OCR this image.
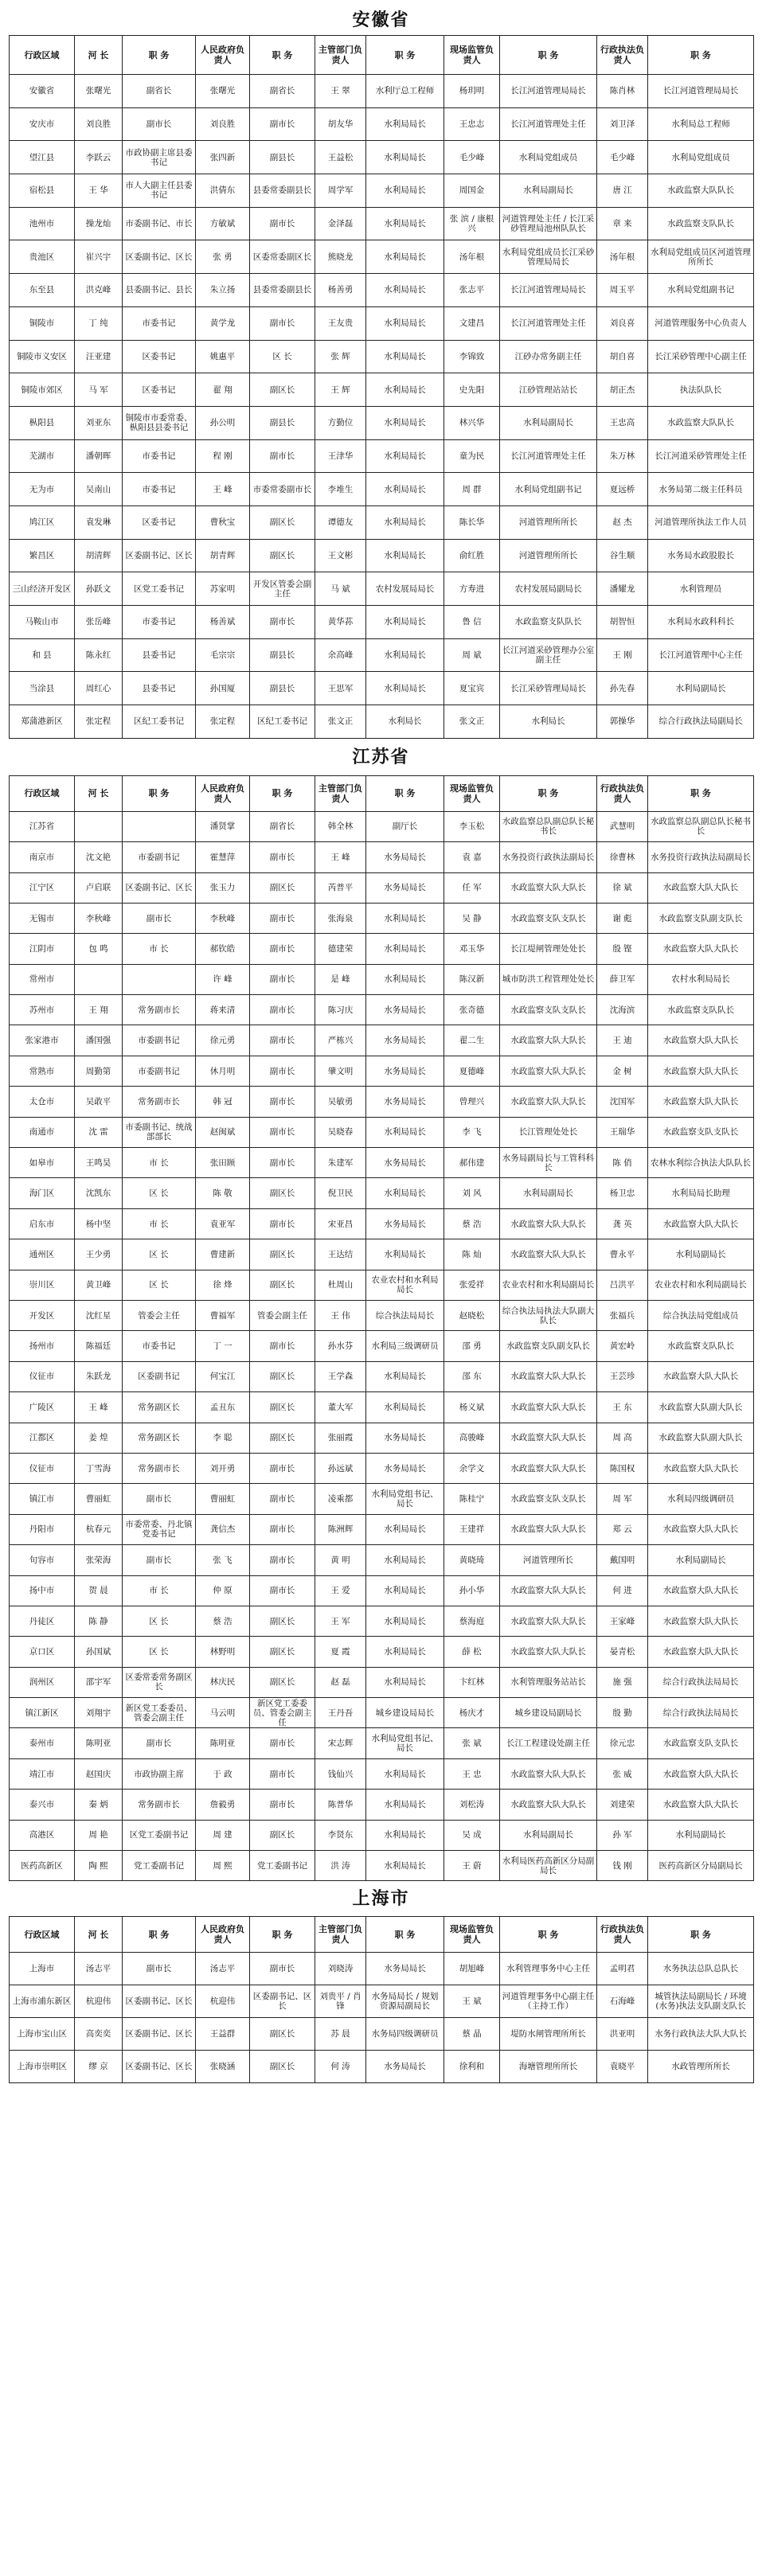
安徽省
行政区域	河 长	职 务	人民政府负责人	职 务	主管部门负责人	职 务	现场监管负责人	职 务	行政执法负责人	职 务
安徽省	张曙光	副省长	张曙光	副省长	王 翠	水利厅总工程师	杨玥明	长江河道管理局局长	陈肖林	长江河道管理局局长
安庆市	刘良胜	副市长	刘良胜	副市长	胡友华	水利局局长	王忠志	长江河道管理处主任	刘卫泽	水利局总工程师
望江县	李跃云	市政协副主席县委书记	张四新	副县长	王益松	水利局局长	毛少峰	水利局党组成员	毛少峰	水利局党组成员
宿松县	王 华	市人大副主任县委书记	洪倩东	县委常委副县长	周学军	水利局局长	周国金	水利局副局长	唐 江	水政监察大队队长
池州市	操龙灿	市委副书记、市长	方敏斌	副市长	金泽磊	水利局局长	张 滨 / 康根兴	河道管理处主任 / 长江采砂管理局池州队队长	章 来	水政监察支队队长
贵池区	崔兴宇	区委副书记、区长	张 勇	区委常委副区长	熊晓龙	水利局局长	汤年根	水利局党组成员长江采砂管理局局长	汤年根	水利局党组成员区河道管理所所长
东至县	洪克峰	县委副书记、县长	朱立扬	县委常委副县长	杨善勇	水利局局长	张志平	长江河道管理局局长	周玉平	水利局党组副书记
铜陵市	丁 纯	市委书记	黄学龙	副市长	王友贵	水利局局长	文建昌	长江河道管理处主任	刘良喜	河道管理服务中心负责人
铜陵市义安区	汪亚建	区委书记	姚惠平	区 长	张 辉	水利局局长	李锦致	江砂办常务副主任	胡自喜	长江采砂管理中心副主任
铜陵市郊区	马 军	区委书记	翟 翔	副区长	王 辉	水利局局长	史先阳	江砂管理站站长	胡正杰	执法队队长
枞阳县	刘亚东	铜陵市市委常委、枞阳县县委书记	孙公明	副县长	方勤位	水利局局长	林兴华	水利局副局长	王忠高	水政监察大队队长
芜湖市	潘朝晖	市委书记	程 刚	副市长	王津华	水利局局长	童为民	长江河道管理处主任	朱万林	长江河道采砂管理处主任
无为市	吴南山	市委书记	王 峰	市委常委副市长	李堆生	水利局局长	周 群	水利局党组副书记	夏远桥	水务局第二级主任科员
鸠江区	袁发琳	区委书记	曹秋宝	副区长	谭德友	水利局局长	陈长华	河道管理所所长	赵 杰	河道管理所执法工作人员
繁昌区	胡清辉	区委副书记、区长	胡青辉	副区长	王文彬	水利局局长	俞红胜	河道管理所所长	谷生顺	水务局水政股股长
三山经济开发区	孙跃文	区党工委书记	苏家明	开发区管委会副主任	马 斌	农村发展局局长	方寿进	农村发展局副局长	潘耀龙	水利管理员
马鞍山市	张岳峰	市委书记	杨善斌	副市长	黄华荪	水利局局长	鲁 信	水政监察支队队长	胡智恒	水利局水政科科长
和 县	陈永红	县委书记	毛宗宗	副县长	余高峰	水利局局长	周 斌	长江河道采砂管理办公室副主任	王 刚	长江河道管理中心主任
当涂县	周红心	县委书记	孙国厦	副县长	王思军	水利局局长	夏宝宾	长江采砂管理局局长	孙先春	水利局副局长
郑蒲港新区	张定程	区纪工委书记	张定程	区纪工委书记	张文正	水利局长	张文正	水利局长	郭操华	综合行政执法局副局长
江苏省
行政区域	河 长	职 务	人民政府负责人	职 务	主管部门负责人	职 务	现场监管负责人	职 务	行政执法负责人	职 务
江苏省			潘贤掌	副省长	韩全林	副厅长	李玉松	水政监察总队副总队长秘书长	武慧明	水政监察总队副总队长秘书长
南京市	沈文艳	市委副书记	霍慧萍	副市长	王 峰	水务局局长	袁 嘉	水务投资行政执法副局长	徐曹林	水务投资行政执法局副局长
江宁区	卢启联	区委副书记、区长	张玉力	副区长	芮普平	水务局局长	任 军	水政监察大队大队长	徐 斌	水政监察大队大队长
无锡市	李秋峰	副市长	李秋峰	副市长	张海泉	水利局局长	吴 静	水政监察支队支队长	谢 彪	水政监察支队副支队长
江阴市	包 鸣	市 长	郝钦皓	副市长	德建荣	水利局局长	邓玉华	长江堤闸管理处处长	殷 铿	水政监察大队大队长
常州市			许 峰	副市长	是 峰	水利局局长	陈汉新	城市防洪工程管理处处长	薛卫军	农村水利局局长
苏州市	王 翔	常务副市长	蒋来清	副市长	陈习庆	水务局局长	张奇德	水政监察支队支队长	沈海滨	水政监察支队队长
张家港市	潘国强	市委副书记	徐元勇	副市长	严栋兴	水务局局长	翟二生	水政监察大队大队长	王 迪	水政监察大队大队长
常熟市	周勤第	市委副书记	休月明	副市长	肇文明	水务局局长	夏德峰	水政监察大队大队长	金 树	水政监察大队大队长
太仓市	吴敢平	常务副市长	韩 冠	副市长	吴敏勇	水务局局长	曾理兴	水政监察大队大队长	沈国军	水政监察大队大队长
南通市	沈 雷	市委副书记、统战部部长	赵闽斌	副市长	吴晓春	水利局局长	李 飞	长江管理处处长	王瑞华	水政监察支队支队长
如皋市	王鸣昊	市 长	张田顾	副市长	朱建军	水务局局长	郝伟建	水务局副局长与工管科科长	陈 俏	农林水利综合执法大队队长
海门区	沈凯东	区 长	陈 敬	副区长	倪卫民	水利局局长	刘 风	水利局副局长	杨卫忠	水利局局长助理
启东市	杨中坚	市 长	袁亚军	副市长	宋亚昌	水务局局长	蔡 浩	水政监察大队大队长	龚 英	水政监察大队大队长
通州区	王少勇	区 长	曹建新	副区长	王达结	水利局局长	陈 灿	水政监察大队大队长	曹永平	水利局副局长
崇川区	黄卫峰	区 长	徐 烽	副区长	杜周山	农业农村和水利局局长	张爱祥	农业农村和水利局副局长	吕洪平	农业农村和水利局副局长
开发区	沈红星	管委会主任	曹福军	管委会副主任	王 伟	综合执法局局长	赵晓松	综合执法局执法大队副大队长	张福兵	综合执法局党组成员
扬州市	陈福廷	市委书记	丁 一	副市长	孙水芬	水利局三级调研员	邵 勇	水政监察支队副支队长	黄宏岭	水政监察支队队长
仪征市	朱跃龙	区委副书记	何宝江	副区长	王学森	水利局局长	邵 东	水政监察大队大队长	王芸珍	水政监察大队大队长
广陵区	王 峰	常务副区长	孟丑东	副区长	董大军	水利局局长	杨义斌	水政监察大队大队长	王 东	水政监察大队副大队长
江都区	姜 煌	常务副区长	李 聪	副区长	张丽霞	水务局局长	高骏峰	水政监察大队大队长	周 高	水政监察大队副大队长
仪征市	丁雪海	常务副市长	刘开勇	副市长	孙远斌	水务局局长	余学文	水政监察大队大队长	陈国权	水政监察大队大队长
镇江市	曹丽虹	副市长	曹丽虹	副市长	凌乘都	水利局党组书记、局长	陈桂宁	水政监察支队支队长	周 军	水利局四级调研员
丹阳市	杭春元	市委常委、丹北镇党委书记	龚信杰	副市长	陈洲辉	水利局局长	王建祥	水政监察大队大队长	郑 云	水政监察大队大队长
句容市	张荣海	副市长	张 飞	副市长	黄 明	水利局局长	黄晓琦	河道管理所长	戴国明	水利局副局长
扬中市	贺 晨	市 长	仲 原	副市长	王 爱	水利局局长	孙小华	水政监察大队大队长	何 进	水政监察大队大队长
丹徒区	陈 静	区 长	蔡 浩	副区长	王 军	水利局局长	蔡海庭	水政监察大队大队长	王家峰	水政监察大队大队长
京口区	孙国斌	区 长	林野明	副区长	夏 霞	水利局局长	薛 松	水政监察大队大队长	晏青松	水政监察大队大队长
润州区	邵宇军	区委常委常务副区长	林庆民	副区长	赵 磊	水利局局长	卞红林	水利管理服务站站长	施 强	综合行政执法局局长
镇江新区	刘翔宇	新区党工委委员、管委会副主任	马云明	新区党工委委员、管委会副主任	王丹吾	城乡建设局局长	杨庆才	城乡建设局副局长	殷 勤	综合行政执法局局长
泰州市	陈明亚	副市长	陈明亚	副市长	宋志辉	水利局党组书记、局长	张 斌	长江工程建设处副主任	徐元忠	水政监察支队支队长
靖江市	赵国庆	市政协副主席	于 政	副市长	钱仙兴	水利局局长	王 忠	水政监察大队大队长	张 威	水政监察大队大队长
泰兴市	秦 炳	常务副市长	詹毅勇	副市长	陈普华	水利局局长	刘松涛	水政监察大队大队长	刘建荣	水政监察大队大队长
高港区	周 艳	区党工委副书记	周 建	副区长	李贤东	水利局局长	吴 成	水利局副局长	孙 军	水利局副局长
医药高新区	陶 熙	党工委副书记	周 熙	党工委副书记	洪 涛	水利局局长	王 蔚	水利局医药高新区分局副局长	钱 刚	医药高新区分局副局长
上海市
行政区域	河 长	职 务	人民政府负责人	职 务	主管部门负责人	职 务	现场监管负责人	职 务	行政执法负责人	职 务
上海市	汤志平	副市长	汤志平	副市长	刘晓涛	水务局局长	胡旭峰	水利管理事务中心主任	孟明君	水务执法总队总队长
上海市浦东新区	杭迎伟	区委副书记、区长	杭迎伟	区委副书记、区长	刘贵平 / 肖 锋	水务局局长 / 规划资源局副局长	王 斌	河道管理事务中心副主任（主持工作）	石海峰	城管执法局副局长 / 环境(水务)执法支队副支队长
上海市宝山区	高奕奕	区委副书记、区长	王益群	副区长	苏 晨	水务局四级调研员	蔡 晶	堤防水闸管理所所长	洪亚明	水务行政执法大队大队长
上海市崇明区	缪 京	区委副书记、区长	张晓涵	副区长	何 涛	水务局局长	徐利和	海塘管理所所长	袁晓平	水政管理所所长
